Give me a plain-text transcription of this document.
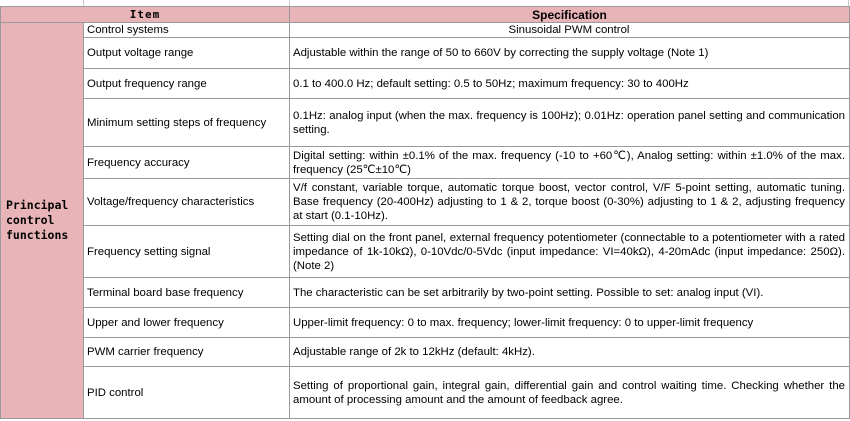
Item		Specification
Principal
control
functions	Control systems	Sinusoidal PWM control
	Output voltage range	Adjustable within the range of 50 to 660V by correcting the supply voltage (Note 1)
	Output frequency range	0.1 to 400.0 Hz; default setting: 0.5 to 50Hz; maximum frequency: 30 to 400Hz
	Minimum setting steps of frequency	0.1Hz: analog input (when the max. frequency is 100Hz); 0.01Hz: operation panel setting and communication setting.
	Frequency accuracy	Digital setting: within ±0.1% of the max. frequency (-10 to +60℃), Analog setting: within ±1.0% of the max. frequency (25℃±10℃)
	Voltage/frequency characteristics	V/f constant, variable torque, automatic torque boost, vector control, V/F 5-point setting, automatic tuning. Base frequency (20-400Hz) adjusting to 1 & 2, torque boost (0-30%) adjusting to 1 & 2, adjusting frequency at start (0.1-10Hz).
	Frequency setting signal	Setting dial on the front panel, external frequency potentiometer (connectable to a potentiometer with a rated impedance of 1k-10kΩ), 0-10Vdc/0-5Vdc (input impedance: VI=40kΩ), 4-20mAdc (input impedance: 250Ω).(Note 2)
	Terminal board base frequency	The characteristic can be set arbitrarily by two-point setting. Possible to set: analog input (VI).
	Upper and lower frequency	Upper-limit frequency: 0 to max. frequency; lower-limit frequency: 0 to upper-limit frequency
	PWM carrier frequency	Adjustable range of 2k to 12kHz (default: 4kHz).
	PID control	Setting of proportional gain, integral gain, differential gain and control waiting time. Checking whether the amount of processing amount and the amount of feedback agree.
